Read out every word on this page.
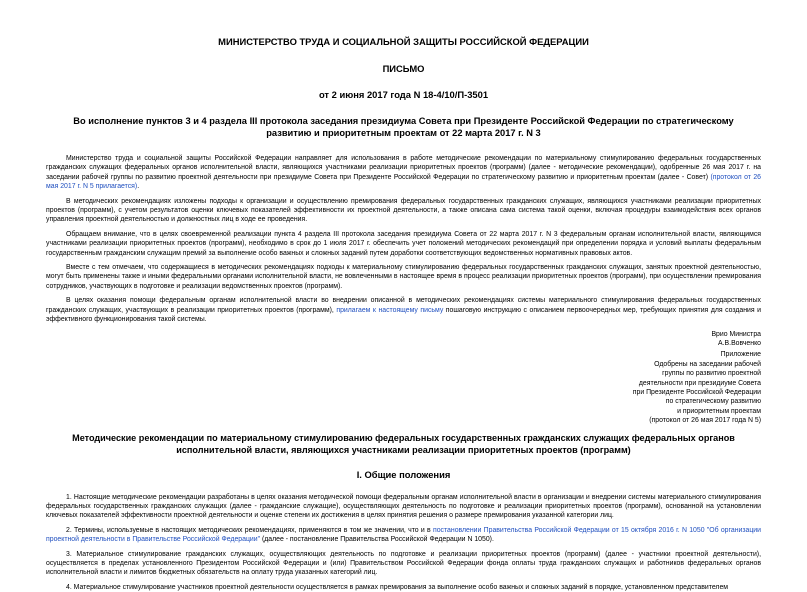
МИНИСТЕРСТВО ТРУДА И СОЦИАЛЬНОЙ ЗАЩИТЫ РОССИЙСКОЙ ФЕДЕРАЦИИ
ПИСЬМО
от 2 июня 2017 года N 18-4/10/П-3501
Во исполнение пунктов 3 и 4 раздела III протокола заседания президиума Совета при Президенте Российской Федерации по стратегическому развитию и приоритетным проектам от 22 марта 2017 г. N 3

Министерство труда и социальной защиты Российской Федерации направляет для использования в работе методические рекомендации по материальному стимулированию федеральных государственных гражданских служащих федеральных органов исполнительной власти, являющихся участниками реализации приоритетных проектов (программ) (далее - методические рекомендации), одобренные 26 мая 2017 г. на заседании рабочей группы по развитию проектной деятельности при президиуме Совета при Президенте Российской Федерации по стратегическому развитию и приоритетным проектам (далее - Совет) (протокол от 26 мая 2017 г. N 5 прилагается).

В методических рекомендациях изложены подходы к организации и осуществлению премирования федеральных государственных гражданских служащих, являющихся участниками реализации приоритетных проектов (программ), с учетом результатов оценки ключевых показателей эффективности их проектной деятельности, а также описана сама система такой оценки, включая процедуры взаимодействия всех органов управления проектной деятельностью и должностных лиц в ходе ее проведения.

Обращаем внимание, что в целях своевременной реализации пункта 4 раздела III протокола заседания президиума Совета от 22 марта 2017 г. N 3 федеральным органам исполнительной власти, являющимся участниками реализации приоритетных проектов (программ), необходимо в срок до 1 июля 2017 г. обеспечить учет положений методических рекомендаций при определении порядка и условий выплаты федеральным государственным гражданским служащим премий за выполнение особо важных и сложных заданий путем доработки соответствующих ведомственных нормативных правовых актов.

Вместе с тем отмечаем, что содержащиеся в методических рекомендациях подходы к материальному стимулированию федеральных государственных гражданских служащих, занятых проектной деятельностью, могут быть применены также и иными федеральными органами исполнительной власти, не вовлеченными в настоящее время в процесс реализации приоритетных проектов (программ), при осуществлении премирования сотрудников, участвующих в подготовке и реализации ведомственных проектов (программ).

В целях оказания помощи федеральным органам исполнительной власти во внедрении описанной в методических рекомендациях системы материального стимулирования федеральных государственных гражданских служащих, участвующих в реализации приоритетных проектов (программ), прилагаем к настоящему письму пошаговую инструкцию с описанием первоочередных мер, требующих принятия для создания и эффективного функционирования такой системы.

Врио Министра
А.В.Вовченко
Приложение
Одобрены на заседании рабочей
группы по развитию проектной
деятельности при президиуме Совета
при Президенте Российской Федерации
по стратегическому развитию
и приоритетным проектам
(протокол от 26 мая 2017 года N 5)
Методические рекомендации по материальному стимулированию федеральных государственных гражданских служащих федеральных органов исполнительной власти, являющихся участниками реализации приоритетных проектов (программ)
I. Общие положения

1. Настоящие методические рекомендации разработаны в целях оказания методической помощи федеральным органам исполнительной власти в организации и внедрении системы материального стимулирования федеральных государственных гражданских служащих (далее - гражданские служащие), осуществляющих деятельность по подготовке и реализации приоритетных проектов (программ), основанной на установлении ключевых показателей эффективности проектной деятельности и оценке степени их достижения в целях принятия решения о размере премирования указанной категории лиц.

2. Термины, используемые в настоящих методических рекомендациях, применяются в том же значении, что и в постановлении Правительства Российской Федерации от 15 октября 2016 г. N 1050 "Об организации проектной деятельности в Правительстве Российской Федерации" (далее - постановление Правительства Российской Федерации N 1050).

3. Материальное стимулирование гражданских служащих, осуществляющих деятельность по подготовке и реализации приоритетных проектов (программ) (далее - участники проектной деятельности), осуществляется в пределах установленного Президентом Российской Федерации и (или) Правительством Российской Федерации фонда оплаты труда гражданских служащих и работников федеральных органов исполнительной власти и лимитов бюджетных обязательств на оплату труда указанных категорий лиц.

4. Материальное стимулирование участников проектной деятельности осуществляется в рамках премирования за выполнение особо важных и сложных заданий в порядке, установленном представителем
